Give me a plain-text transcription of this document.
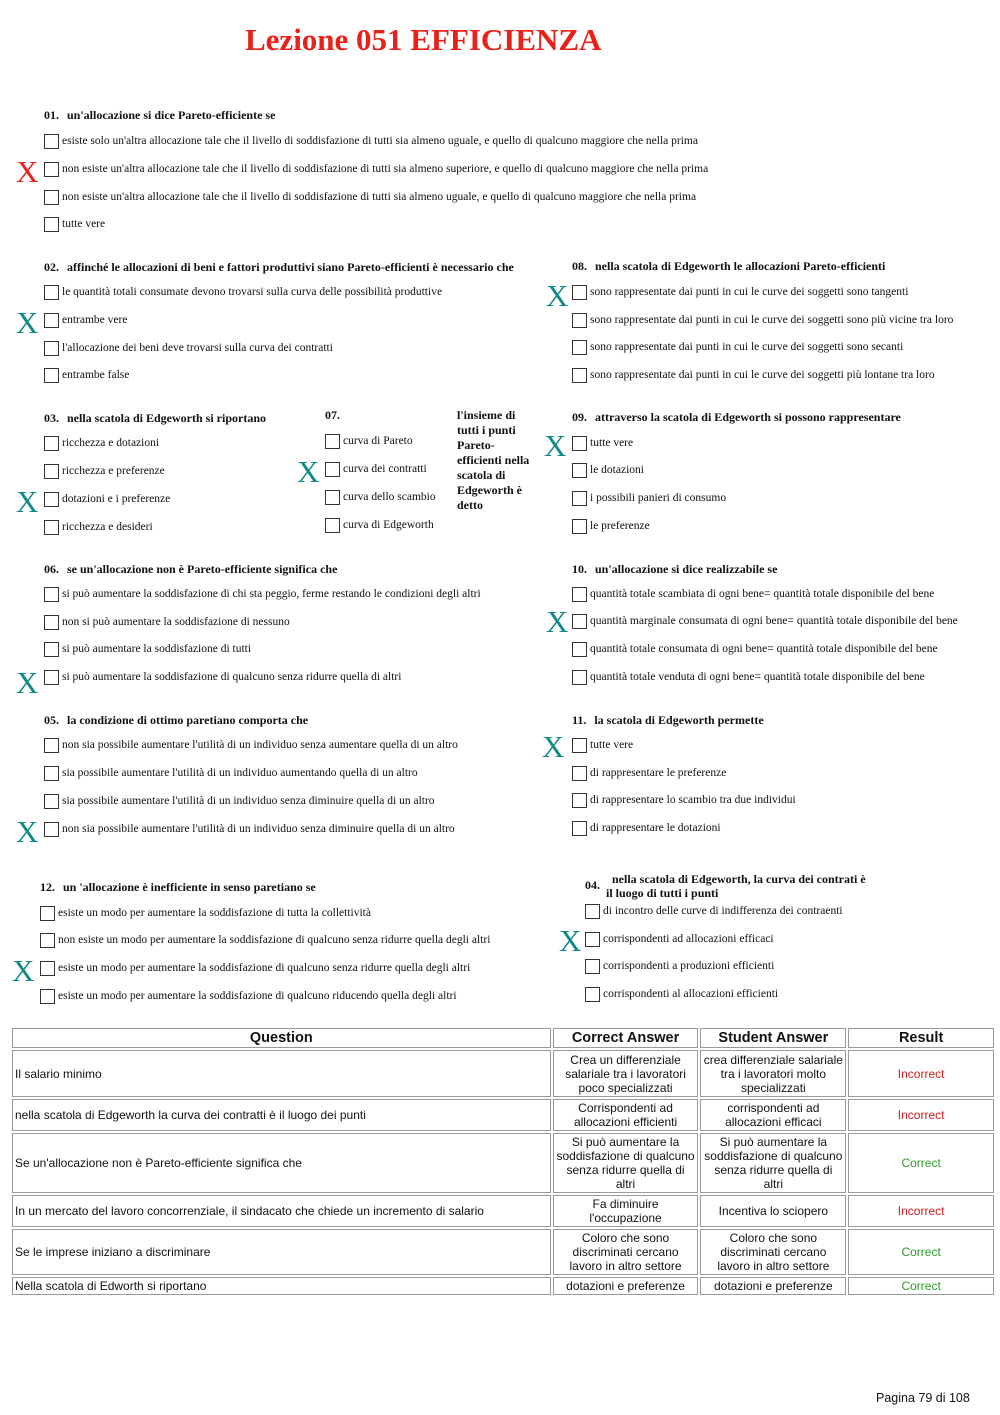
Lezione 051 EFFICIENZA
01. un'allocazione si dice Pareto-efficiente se
esiste solo un'altra allocazione tale che il livello di soddisfazione di tutti sia almeno uguale, e quello di qualcuno maggiore che nella prima
non esiste un'altra allocazione tale che il livello di soddisfazione di tutti sia almeno superiore, e quello di qualcuno maggiore che nella prima
non esiste un'altra allocazione tale che il livello di soddisfazione di tutti sia almeno uguale, e quello di qualcuno maggiore che nella prima
tutte vere
X
02. affinché le allocazioni di beni e fattori produttivi siano Pareto-efficienti è necessario che
le quantità totali consumate devono trovarsi sulla curva delle possibilità produttive
entrambe vere
l'allocazione dei beni deve trovarsi sulla curva dei contratti
entrambe false
X
08. nella scatola di Edgeworth le allocazioni Pareto-efficienti
sono rappresentate dai punti in cui le curve dei soggetti sono tangenti
sono rappresentate dai punti in cui le curve dei soggetti sono più vicine tra loro
sono rappresentate dai punti in cui le curve dei soggetti sono secanti
sono rappresentate dai punti in cui le curve dei soggetti più lontane tra loro
X
03. nella scatola di Edgeworth si riportano
ricchezza e dotazioni
ricchezza e preferenze
dotazioni e i preferenze
ricchezza e desideri
X
07.	l'insieme di tutti i punti Pareto-efficienti nella scatola di Edgeworth è detto
curva di Pareto
curva dei contratti
curva dello scambio
curva di Edgeworth
X
09. attraverso la scatola di Edgeworth si possono rappresentare
tutte vere
le dotazioni
i possibili panieri di consumo
le preferenze
X
06. se un'allocazione non è Pareto-efficiente significa che
si può aumentare la soddisfazione di chi sta peggio, ferme restando le condizioni degli altri
non si può aumentare la soddisfazione di nessuno
si può aumentare la soddisfazione di tutti
si può aumentare la soddisfazione di qualcuno senza ridurre quella di altri
X
10. un'allocazione si dice realizzabile se
quantità totale scambiata di ogni bene= quantità totale disponibile del bene
quantità marginale consumata di ogni bene= quantità totale disponibile del bene
quantità totale consumata di ogni bene= quantità totale disponibile del bene
quantità totale venduta di ogni bene= quantità totale disponibile del bene
X
05. la condizione di ottimo paretiano comporta che
non sia possibile aumentare l'utilità di un individuo senza aumentare quella di un altro
sia possibile aumentare l'utilità di un individuo aumentando quella di un altro
sia possibile aumentare l'utilità di un individuo senza diminuire quella di un altro
non sia possibile aumentare l'utilità di un individuo senza diminuire quella di un altro
X
11. la scatola di Edgeworth permette
tutte vere
di rappresentare le preferenze
di rappresentare lo scambio tra due individui
di rappresentare le dotazioni
X
12. un 'allocazione è inefficiente in senso paretiano se
esiste un modo per aumentare la soddisfazione di tutta la collettività
non esiste un modo per aumentare la soddisfazione di qualcuno senza ridurre quella degli altri
esiste un modo per aumentare la soddisfazione di qualcuno senza ridurre quella degli altri
esiste un modo per aumentare la soddisfazione di qualcuno riducendo quella degli altri
X
04. nella scatola di Edgeworth, la curva dei contrati è
il luogo di tutti i punti
di incontro delle curve di indifferenza dei contraenti
corrispondenti ad allocazioni efficaci
corrispondenti a produzioni efficienti
corrispondenti al allocazioni efficienti
X
Question	Correct Answer	Student Answer	Result
Il salario minimo	Crea un differenziale salariale tra i lavoratori poco specializzati	crea differenziale salariale tra i lavoratori molto specializzati	Incorrect
nella scatola di Edgeworth la curva dei contratti è il luogo dei punti	Corrispondenti ad allocazioni efficienti	corrispondenti ad allocazioni efficaci	Incorrect
Se un'allocazione non è Pareto-efficiente significa che	Si può aumentare la soddisfazione di qualcuno senza ridurre quella di altri	Si può aumentare la soddisfazione di qualcuno senza ridurre quella di altri	Correct
In un mercato del lavoro concorrenziale, il sindacato che chiede un incremento di salario	Fa diminuire l'occupazione	Incentiva lo sciopero	Incorrect
Se le imprese iniziano a discriminare	Coloro che sono discriminati cercano lavoro in altro settore	Coloro che sono discriminati cercano lavoro in altro settore	Correct
Nella scatola di Edworth si riportano	dotazioni e preferenze	dotazioni e preferenze	Correct
Pagina 79 di 108
